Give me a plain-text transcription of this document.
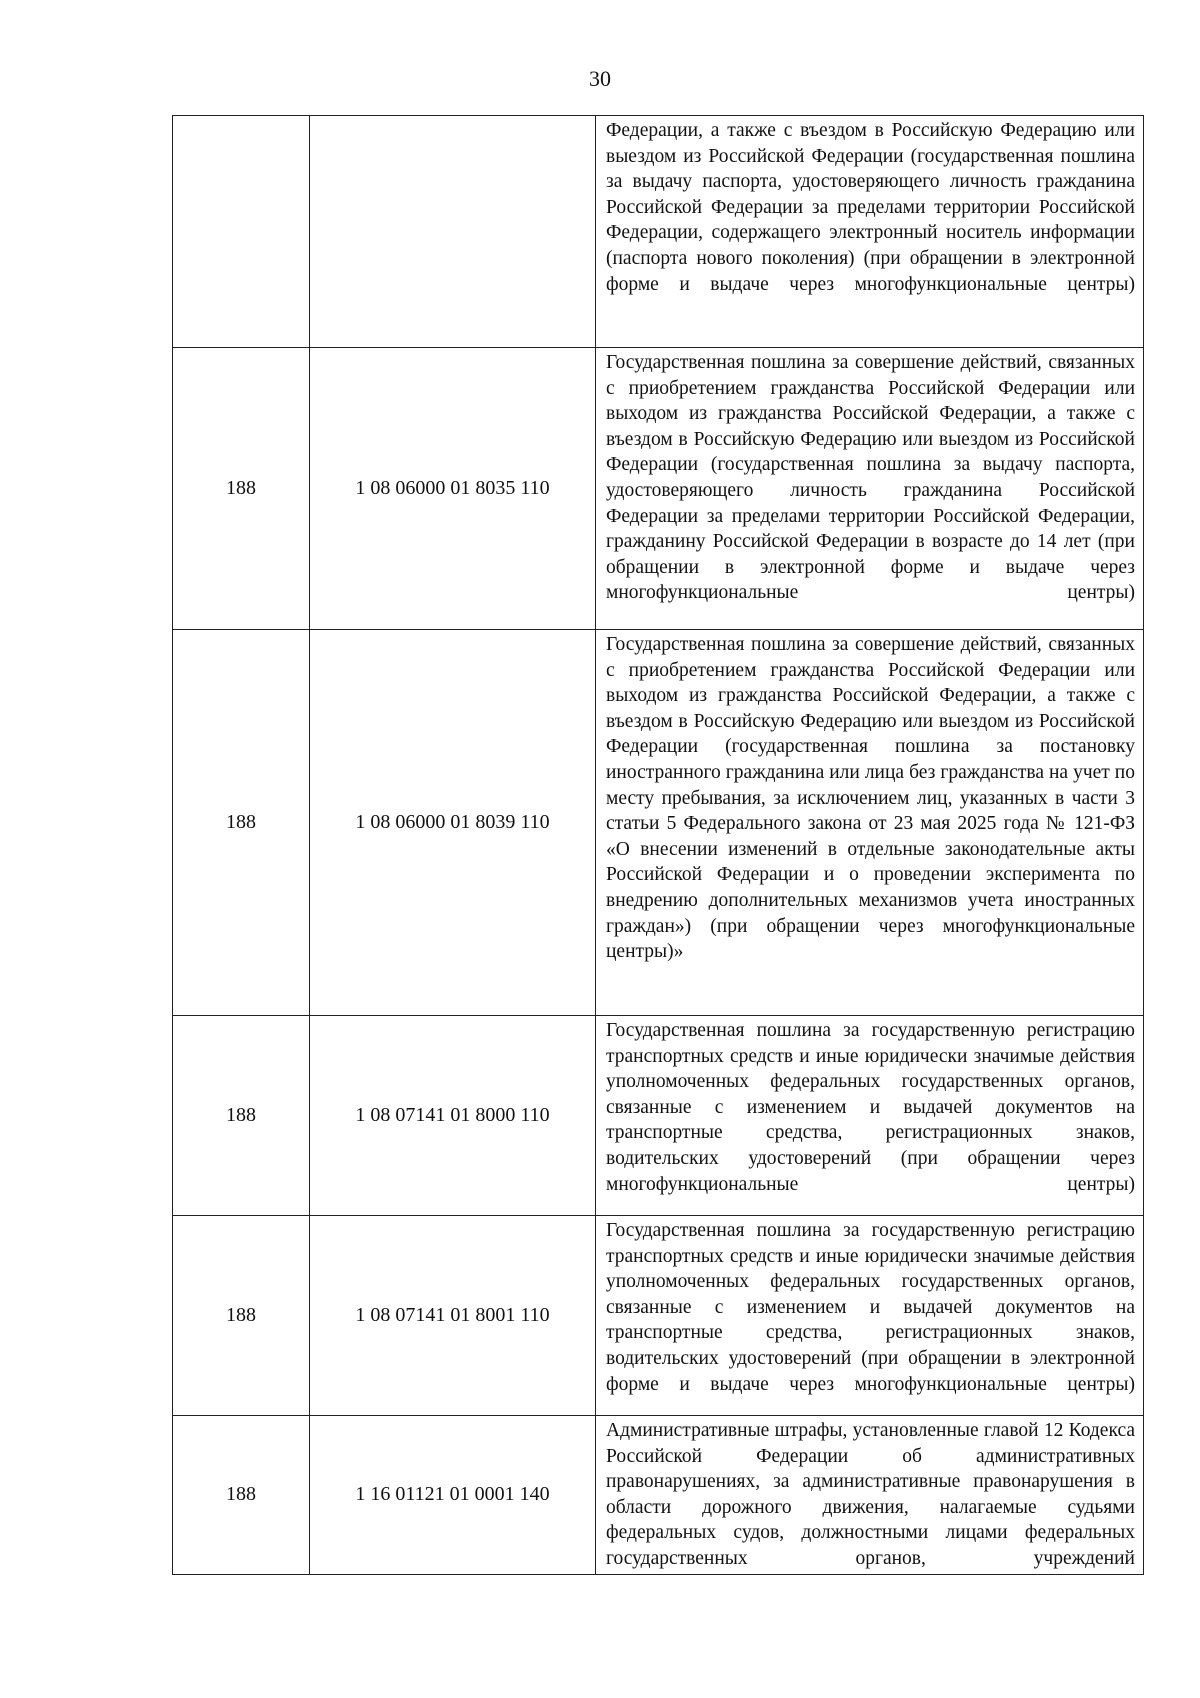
30
		Федерации, а также с въездом в Российскую Федерацию или выездом из Российской Федерации (государственная пошлина за выдачу паспорта, удостоверяющего личность гражданина Российской Федерации за пределами территории Российской Федерации, содержащего электронный носитель информации (паспорта нового поколения) (при обращении в электронной форме и выдаче через многофункциональные центры)
188	1 08 06000 01 8035 110	Государственная пошлина за совершение действий, связанных с приобретением гражданства Российской Федерации или выходом из гражданства Российской Федерации, а также с въездом в Российскую Федерацию или выездом из Российской Федерации (государственная пошлина за выдачу паспорта, удостоверяющего личность гражданина Российской Федерации за пределами территории Российской Федерации, гражданину Российской Федерации в возрасте до 14 лет (при обращении в электронной форме и выдаче через многофункциональные центры)
188	1 08 06000 01 8039 110	Государственная пошлина за совершение действий, связанных с приобретением гражданства Российской Федерации или выходом из гражданства Российской Федерации, а также с въездом в Российскую Федерацию или выездом из Российской Федерации (государственная пошлина за постановку иностранного гражданина или лица без гражданства на учет по месту пребывания, за исключением лиц, указанных в части 3 статьи 5 Федерального закона от 23 мая 2025 года № 121-ФЗ «О внесении изменений в отдельные законодательные акты Российской Федерации и о проведении эксперимента по внедрению дополнительных механизмов учета иностранных граждан») (при обращении через многофункциональные центры)»
188	1 08 07141 01 8000 110	Государственная пошлина за государственную регистрацию транспортных средств и иные юридически значимые действия уполномоченных федеральных государственных органов, связанные с изменением и выдачей документов на транспортные средства, регистрационных знаков, водительских удостоверений (при обращении через многофункциональные центры)
188	1 08 07141 01 8001 110	Государственная пошлина за государственную регистрацию транспортных средств и иные юридически значимые действия уполномоченных федеральных государственных органов, связанные с изменением и выдачей документов на транспортные средства, регистрационных знаков, водительских удостоверений (при обращении в электронной форме и выдаче через многофункциональные центры)
188	1 16 01121 01 0001 140	Административные штрафы, установленные главой 12 Кодекса Российской Федерации об административных правонарушениях, за административные правонарушения в области дорожного движения, налагаемые судьями федеральных судов, должностными лицами федеральных государственных органов, учреждений
